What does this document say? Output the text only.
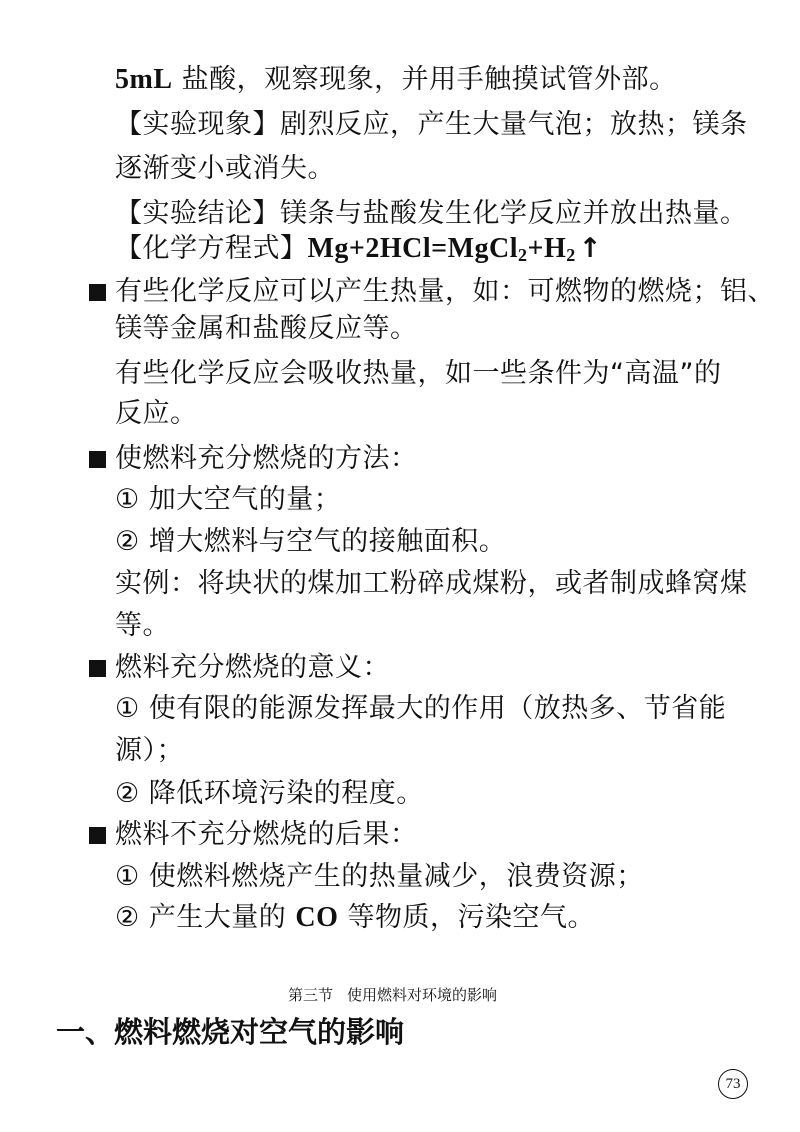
5mL 盐酸，观察现象，并用手触摸试管外部。
【实验现象】剧烈反应，产生大量气泡；放热；镁条
逐渐变小或消失。
【实验结论】镁条与盐酸发生化学反应并放出热量。
【化学方程式】$Mg+2HCl=MgCl_2+H_2$ ↑
有些化学反应可以产生热量，如：可燃物的燃烧；铝、
镁等金属和盐酸反应等。
有些化学反应会吸收热量，如一些条件为“高温”的
反应。
使燃料充分燃烧的方法：
① 加大空气的量；
② 增大燃料与空气的接触面积。
实例：将块状的煤加工粉碎成煤粉，或者制成蜂窝煤
等。
燃料充分燃烧的意义：
① 使有限的能源发挥最大的作用（放热多、节省能
源）；
② 降低环境污染的程度。
燃料不充分燃烧的后果：
① 使燃料燃烧产生的热量减少，浪费资源；
② 产生大量的 CO 等物质，污染空气。
第三节 使用燃料对环境的影响
一、燃料燃烧对空气的影响
73
